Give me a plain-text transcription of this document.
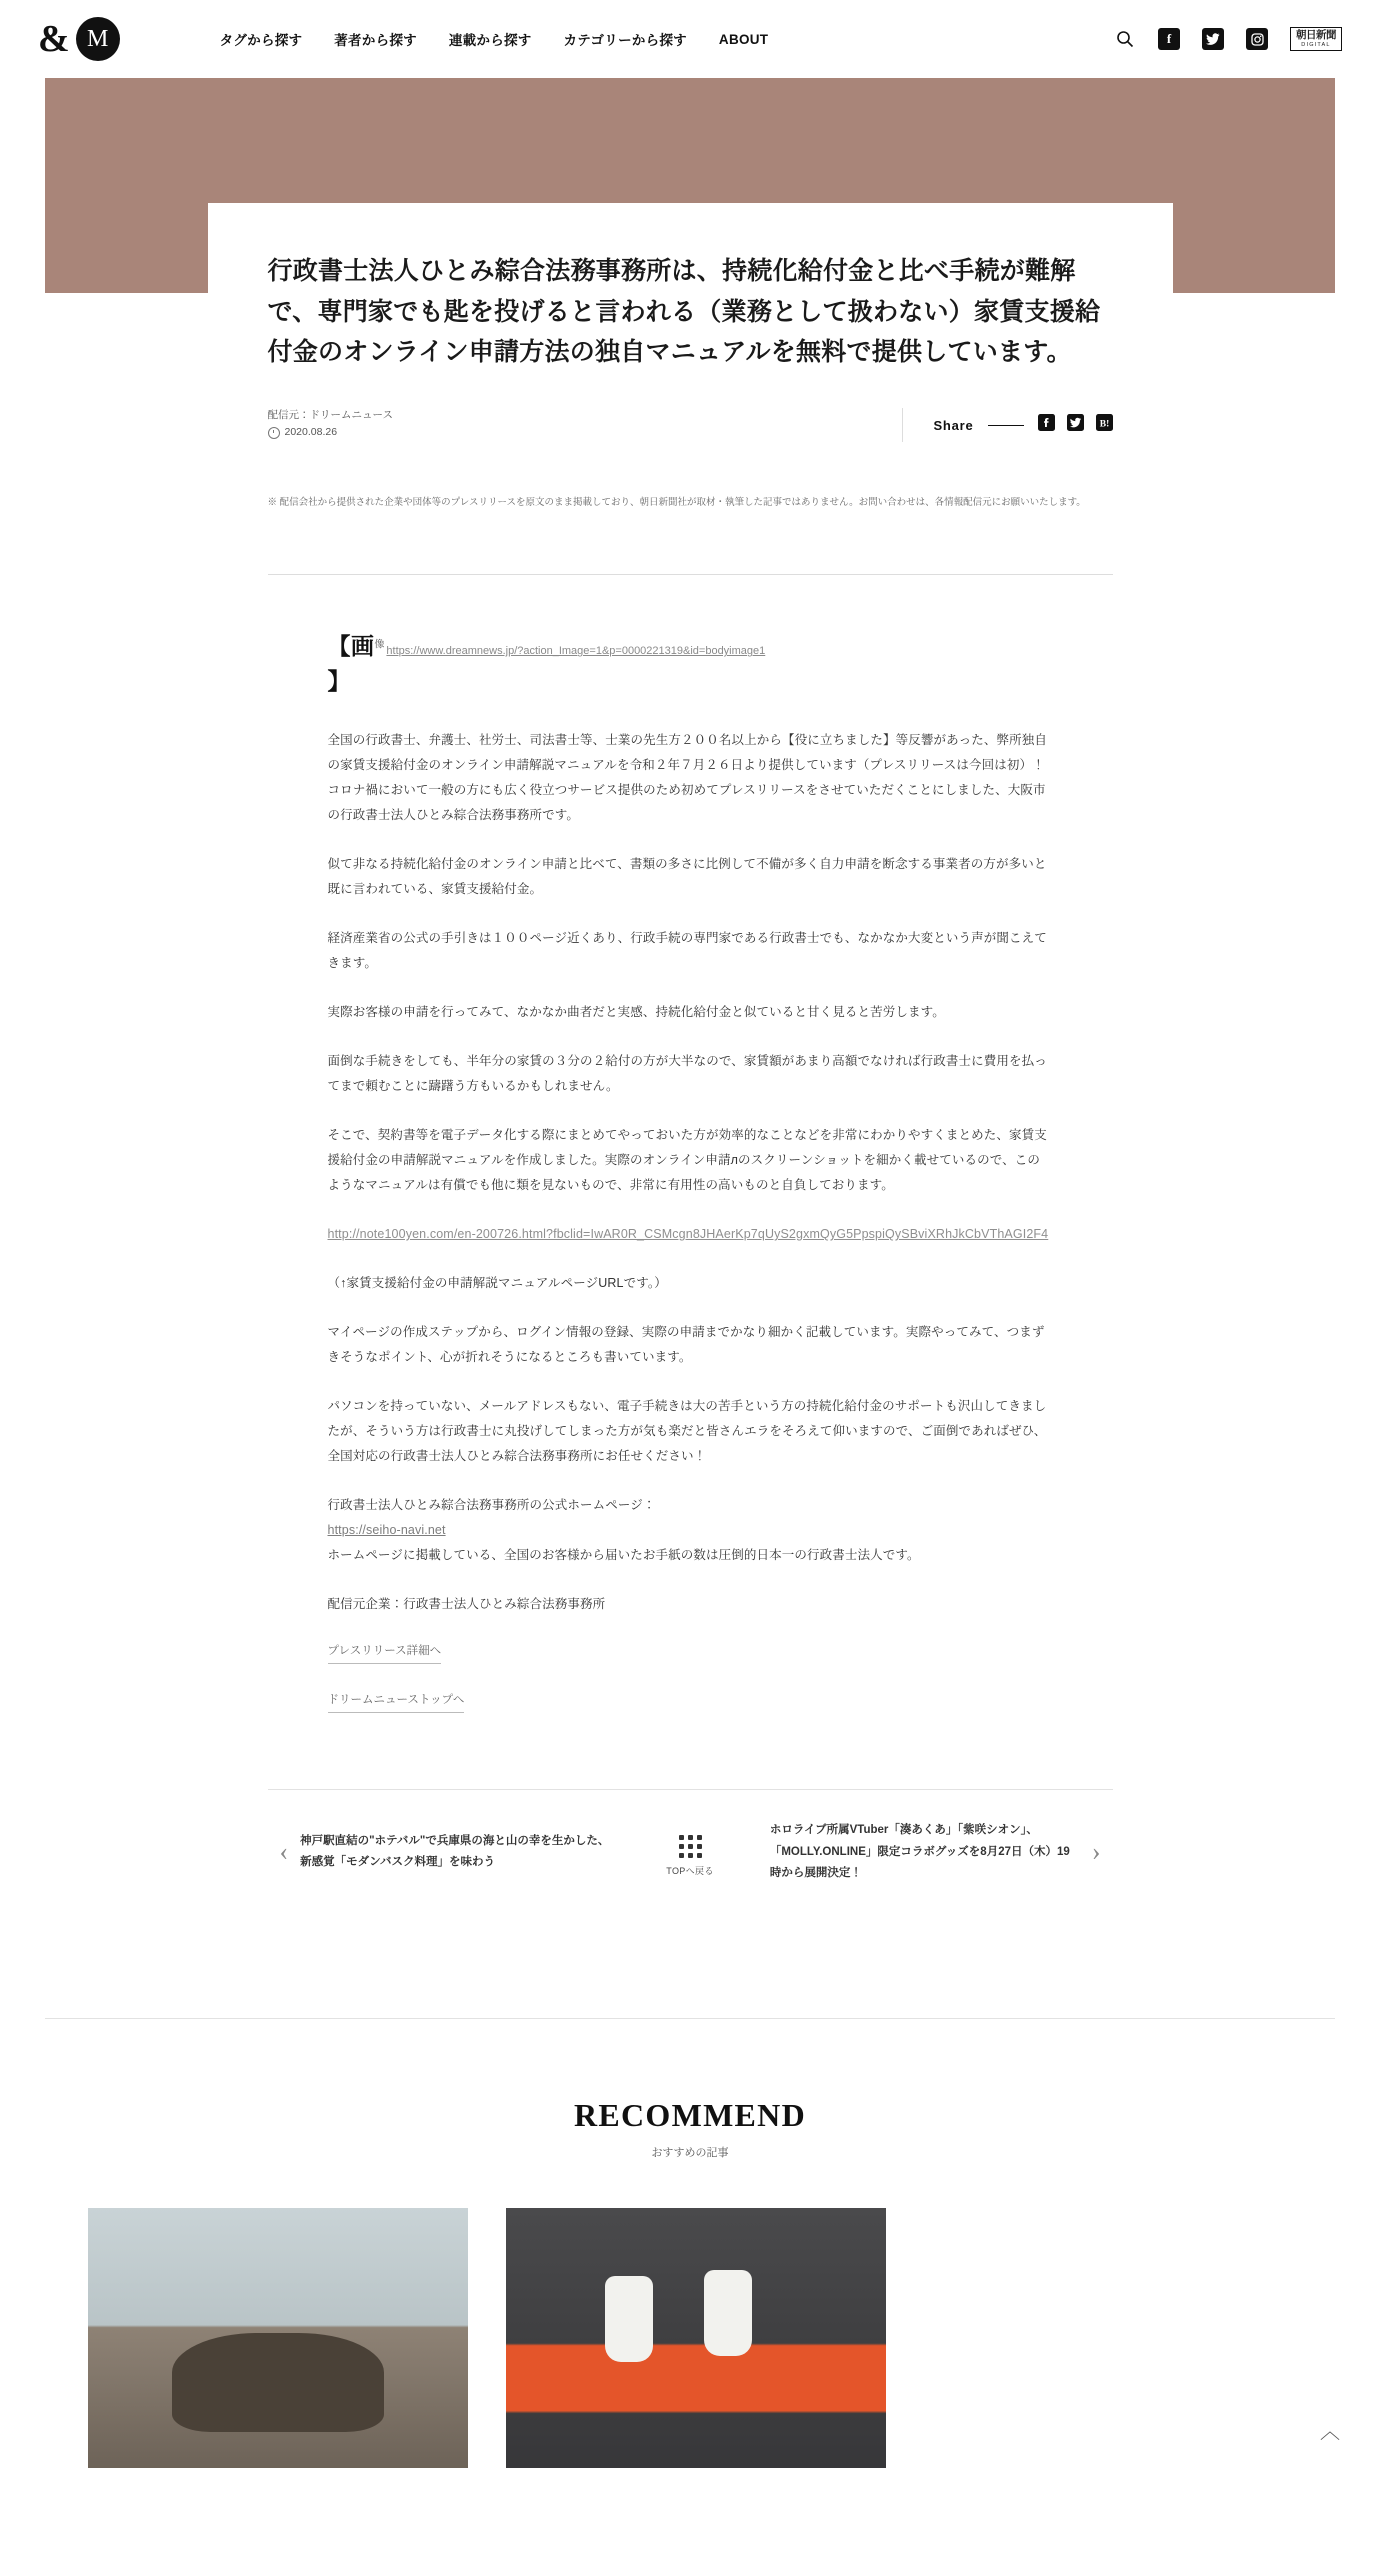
& M	タグから探す 著者から探す 連載から探す カテゴリーから探す ABOUT	f	朝日新聞
DIGITAL
行政書士法人ひとみ綜合法務事務所は、持続化給付金と比べ手続が難解で、専門家でも匙を投げると言われる（業務として扱わない）家賃支援給付金のオンライン申請方法の独自マニュアルを無料で提供しています。
配信元：ドリームニュース
2020.08.26	Share	B!
※ 配信会社から提供された企業や団体等のプレスリリースを原文のまま掲載しており、朝日新聞社が取材・執筆した記事ではありません。お問い合わせは、各情報配信元にお願いいたします。
【画$^像$ https://www.dreamnews.jp/?action_Image=1&p=0000221319&id=bodyimage1
】

全国の行政書士、弁護士、社労士、司法書士等、士業の先生方２００名以上から【役に立ちました】等反響があった、弊所独自の家賃支援給付金のオンライン申請解説マニュアルを令和２年７月２６日より提供しています（プレスリリースは今回は初）！コロナ禍において一般の方にも広く役立つサービス提供のため初めてプレスリリースをさせていただくことにしました、大阪市の行政書士法人ひとみ綜合法務事務所です。

似て非なる持続化給付金のオンライン申請と比べて、書類の多さに比例して不備が多く自力申請を断念する事業者の方が多いと既に言われている、家賃支援給付金。

経済産業省の公式の手引きは１００ページ近くあり、行政手続の専門家である行政書士でも、なかなか大変という声が聞こえてきます。

実際お客様の申請を行ってみて、なかなか曲者だと実感、持続化給付金と似ていると甘く見ると苦労します。

面倒な手続きをしても、半年分の家賃の３分の２給付の方が大半なので、家賃額があまり高額でなければ行政書士に費用を払ってまで頼むことに躊躇う方もいるかもしれません。

そこで、契約書等を電子データ化する際にまとめてやっておいた方が効率的なことなどを非常にわかりやすくまとめた、家賃支援給付金の申請解説マニュアルを作成しました。実際のオンライン申請лのスクリーンショットを細かく載せているので、このようなマニュアルは有償でも他に類を見ないもので、非常に有用性の高いものと自負しております。

http://note100yen.com/en-200726.html?fbclid=IwAR0R_CSMcgn8JHAerKp7qUyS2gxmQyG5PpspiQySBviXRhJkCbVThAGI2F4

（↑家賃支援給付金の申請解説マニュアルページURLです。）

マイページの作成ステップから、ログイン情報の登録、実際の申請までかなり細かく記載しています。実際やってみて、つまずきそうなポイント、心が折れそうになるところも書いています。

パソコンを持っていない、メールアドレスもない、電子手続きは大の苦手という方の持続化給付金のサポートも沢山してきましたが、そういう方は行政書士に丸投げしてしまった方が気も楽だと皆さんエラをそろえて仰いますので、ご面倒であればぜひ、全国対応の行政書士法人ひとみ綜合法務事務所にお任せください！

行政書士法人ひとみ綜合法務事務所の公式ホームページ：
https://seiho-navi.net
ホームページに掲載している、全国のお客様から届いたお手紙の数は圧倒的日本一の行政書士法人です。

配信元企業：行政書士法人ひとみ綜合法務事務所

プレスリリース詳細へ
ドリームニューストップへ
‹	神戸駅直結の"ホテバル"で兵庫県の海と山の幸を生かした、新感覚「モダンバスク料理」を味わう
TOPへ戻る
ホロライブ所属VTuber「湊あくあ」「紫咲シオン」、「MOLLY.ONLINE」限定コラボグッズを8月27日（木）19時から展開決定！
›
RECOMMEND
おすすめの記事
︿
